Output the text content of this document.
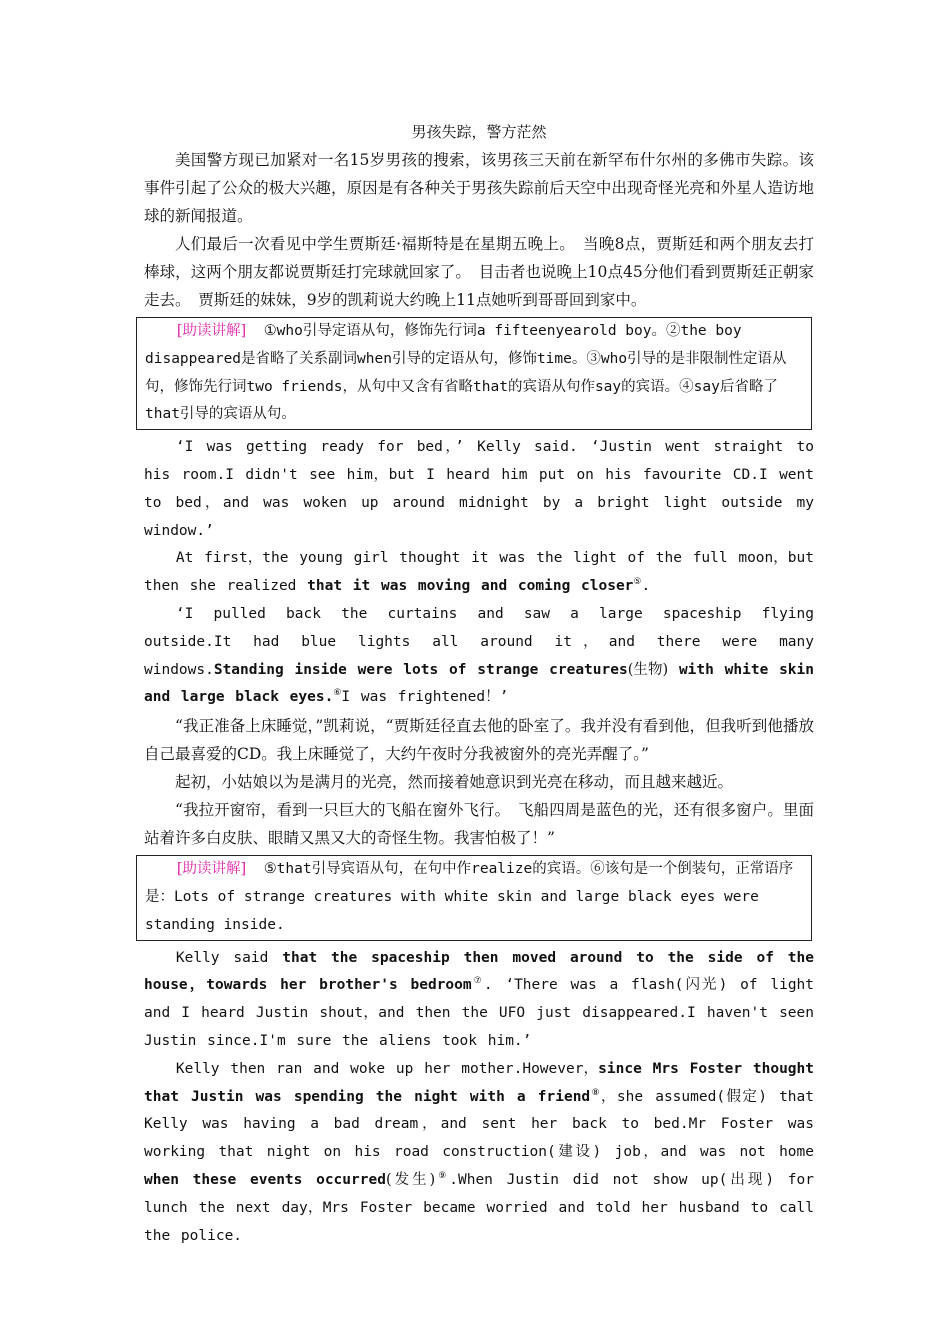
男孩失踪，警方茫然

美国警方现已加紧对一名15岁男孩的搜索，该男孩三天前在新罕布什尔州的多佛市失踪。该事件引起了公众的极大兴趣，原因是有各种关于男孩失踪前后天空中出现奇怪光亮和外星人造访地球的新闻报道。

人们最后一次看见中学生贾斯廷·福斯特是在星期五晚上。　当晚8点，贾斯廷和两个朋友去打棒球，这两个朋友都说贾斯廷打完球就回家了。　目击者也说晚上10点45分他们看到贾斯廷正朝家走去。　贾斯廷的妹妹，9岁的凯莉说大约晚上11点她听到哥哥回到家中。

[助读讲解] ①who引导定语从句，修饰先行词a fifteenyearold boy。②the boy disappeared是省略了关系副词when引导的定语从句，修饰time。③who引导的是非限制性定语从句，修饰先行词two friends，从句中又含有省略that的宾语从句作say的宾语。④say后省略了that引导的宾语从句。

‘I was getting ready for bed，’ Kelly said. ‘Justin went straight to his room.I didn't see him，but I heard him put on his favourite CD.I went to bed，and was woken up around midnight by a bright light outside my window.’

At first，the young girl thought it was the light of the full moon，but then she realized that it was moving and coming closer⑤.

‘I pulled back the curtains and saw a large spaceship flying outside.It had blue lights all around it，and there were many windows.Standing inside were lots of strange creatures(生物) with white skin and large black eyes.⑥I was frightened！’

“我正准备上床睡觉，”凯莉说，“贾斯廷径直去他的卧室了。我并没有看到他，但我听到他播放自己最喜爱的CD。我上床睡觉了，大约午夜时分我被窗外的亮光弄醒了。”

起初，小姑娘以为是满月的光亮，然而接着她意识到光亮在移动，而且越来越近。

“我拉开窗帘，看到一只巨大的飞船在窗外飞行。　飞船四周是蓝色的光，还有很多窗户。里面站着许多白皮肤、眼睛又黑又大的奇怪生物。我害怕极了！”

[助读讲解] ⑤that引导宾语从句，在句中作realize的宾语。⑥该句是一个倒装句，正常语序是：Lots of strange creatures with white skin and large black eyes were standing inside.

Kelly said that the spaceship then moved around to the side of the house，towards her brother's bedroom⑦. ‘There was a flash(闪光) of light and I heard Justin shout，and then the UFO just disappeared.I haven't seen Justin since.I'm sure the aliens took him.’

Kelly then ran and woke up her mother.However，since Mrs Foster thought that Justin was spending the night with a friend⑧，she assumed(假定) that Kelly was having a bad dream，and sent her back to bed.Mr Foster was working that night on his road construction(建设) job，and was not home when these events occurred(发生)⑨.When Justin did not show up(出现) for lunch the next day，Mrs Foster became worried and told her husband to call the police.
